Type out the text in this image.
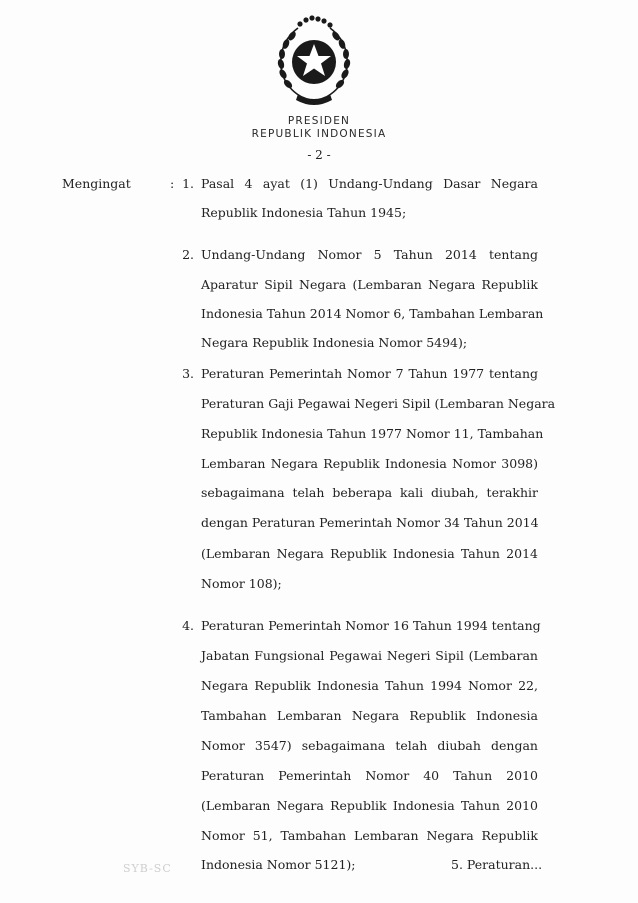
PRESIDEN
REPUBLIK INDONESIA
- 2 -
Mengingat	: 1. Pasal 4 ayat (1) Undang-Undang Dasar Negara
Republik Indonesia Tahun 1945;
2. Undang-Undang Nomor 5 Tahun 2014 tentang
Aparatur Sipil Negara (Lembaran Negara Republik
Indonesia Tahun 2014 Nomor 6, Tambahan Lembaran
Negara Republik Indonesia Nomor 5494);
3. Peraturan Pemerintah Nomor 7 Tahun 1977 tentang
Peraturan Gaji Pegawai Negeri Sipil (Lembaran Negara
Republik Indonesia Tahun 1977 Nomor 11, Tambahan
Lembaran Negara Republik Indonesia Nomor 3098)
sebagaimana telah beberapa kali diubah, terakhir
dengan Peraturan Pemerintah Nomor 34 Tahun 2014
(Lembaran Negara Republik Indonesia Tahun 2014
Nomor 108);
4. Peraturan Pemerintah Nomor 16 Tahun 1994 tentang
Jabatan Fungsional Pegawai Negeri Sipil (Lembaran
Negara Republik Indonesia Tahun 1994 Nomor 22,
Tambahan Lembaran Negara Republik Indonesia
Nomor 3547) sebagaimana telah diubah dengan
Peraturan Pemerintah Nomor 40 Tahun 2010
(Lembaran Negara Republik Indonesia Tahun 2010
Nomor 51, Tambahan Lembaran Negara Republik
Indonesia Nomor 5121);	5. Peraturan...
SYB-SC
